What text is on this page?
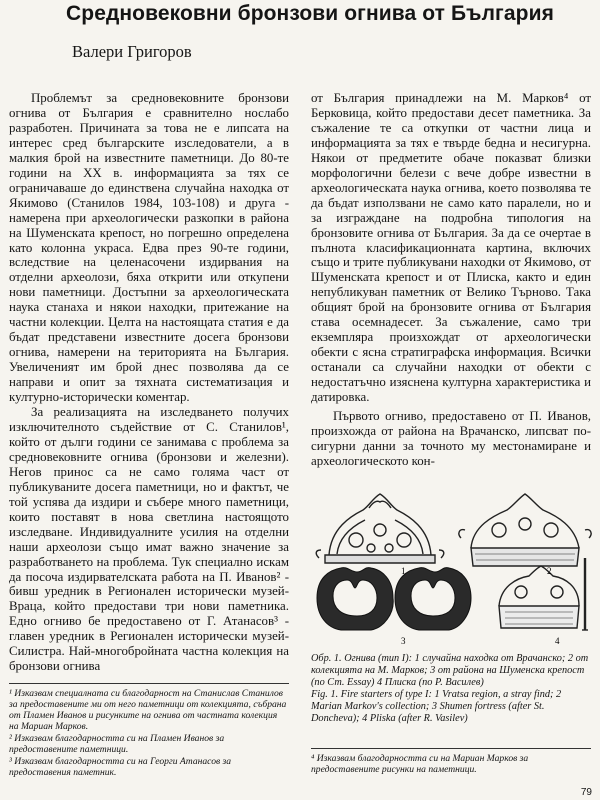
Средновековни бронзови огнива от България

Валери Григоров

Проблемът за средновековните бронзови огнива от България е сравнително нослабо разработен. Причината за това не е липсата на интерес сред българските изследователи, а в малкия брой на известните паметници. До 80-те години на XX в. информацията за тях се ограничаваше до единствена случайна находка от Якимово (Станилов 1984, 103-108) и друга - намерена при археологически разкопки в района на Шуменската крепост, но погрешно определена като колонна украса. Едва през 90-те години, вследствие на целенасочени издирвания на отделни археолози, бяха открити или откупени нови паметници. Достъпни за археологическата наука станаха и някои находки, притежание на частни колекции. Целта на настоящата статия е да бъдат представени известните досега бронзови огнива, намерени на територията на България. Увеличеният им брой днес позволява да се направи и опит за тяхната систематизация и културно-исторически коментар.

За реализацията на изследването получих изключителното съдействие от С. Станилов¹, който от дълги години се занимава с проблема за средновековните огнива (бронзови и железни). Негов принос са не само голяма част от публикуваните досега паметници, но и фактът, че той успява да издири и събере много паметници, които поставят в нова светлина настоящото изследване. Индивидуалните усилия на отделни наши археолози също имат важно значение за разработването на проблема. Тук специално искам да посоча издирвателската работа на П. Иванов² - бивш уредник в Регионален исторически музей-Враца, който предостави три нови паметника. Едно огниво бе предоставено от Г. Атанасов³ - главен уредник в Регионален исторически музей-Силистра. Най-многобройната частна колекция на бронзови огнива

от България принадлежи на М. Марков⁴ от Берковица, който предостави десет паметника. За съжаление те са откупки от частни лица и информацията за тях е твърде бедна и несигурна. Някои от предметите обаче показват близки морфологични белези с вече добре известни в археологическата наука огнива, което позволява те да бъдат използвани не само като паралели, но и за изграждане на подробна типология на бронзовите огнива от България. За да се очертае в пълнота класификационната картина, включих също и трите публикувани находки от Якимово, от Шуменската крепост и от Плиска, както и един непубликуван паметник от Велико Търново. Така общият брой на бронзовите огнива от България става осемнадесет. За съжаление, само три екземпляра произхождат от археологически обекти с ясна стратиграфска информация. Всички останали са случайни находки от обекти с недостатъчно изяснена културна характеристика и датировка.

Първото огниво, предоставено от П. Иванов, произхожда от района на Врачанско, липсват по-сигурни данни за точното му местонамиране и археологическото кон-

1	2
3	4

Обр. 1. Огнива (тип I): 1 случайна находка от Врачанско; 2 от колекцията на М. Марков; 3 от района на Шуменска крепост (по Ст. Essay) 4 Плиска (по Р. Василев)

Fig. 1. Fire starters of type I: 1 Vratsa region, a stray find; 2 Marian Markov's collection; 3 Shumen fortress (after St. Doncheva); 4 Pliska (after R. Vasilev)

¹ Изказвам специалната си благодарност на Станислав Станилов за предоставените ми от него паметници от колекцията, събрана от Пламен Иванов и рисунките на огнива от частната колекция на Мариан Марков.

² Изказвам благодарността си на Пламен Иванов за предоставените паметници.

³ Изказвам благодарността си на Георги Атанасов за предоставения паметник.

⁴ Изказвам благодарността си на Мариан Марков за предоставените рисунки на паметници.

79
